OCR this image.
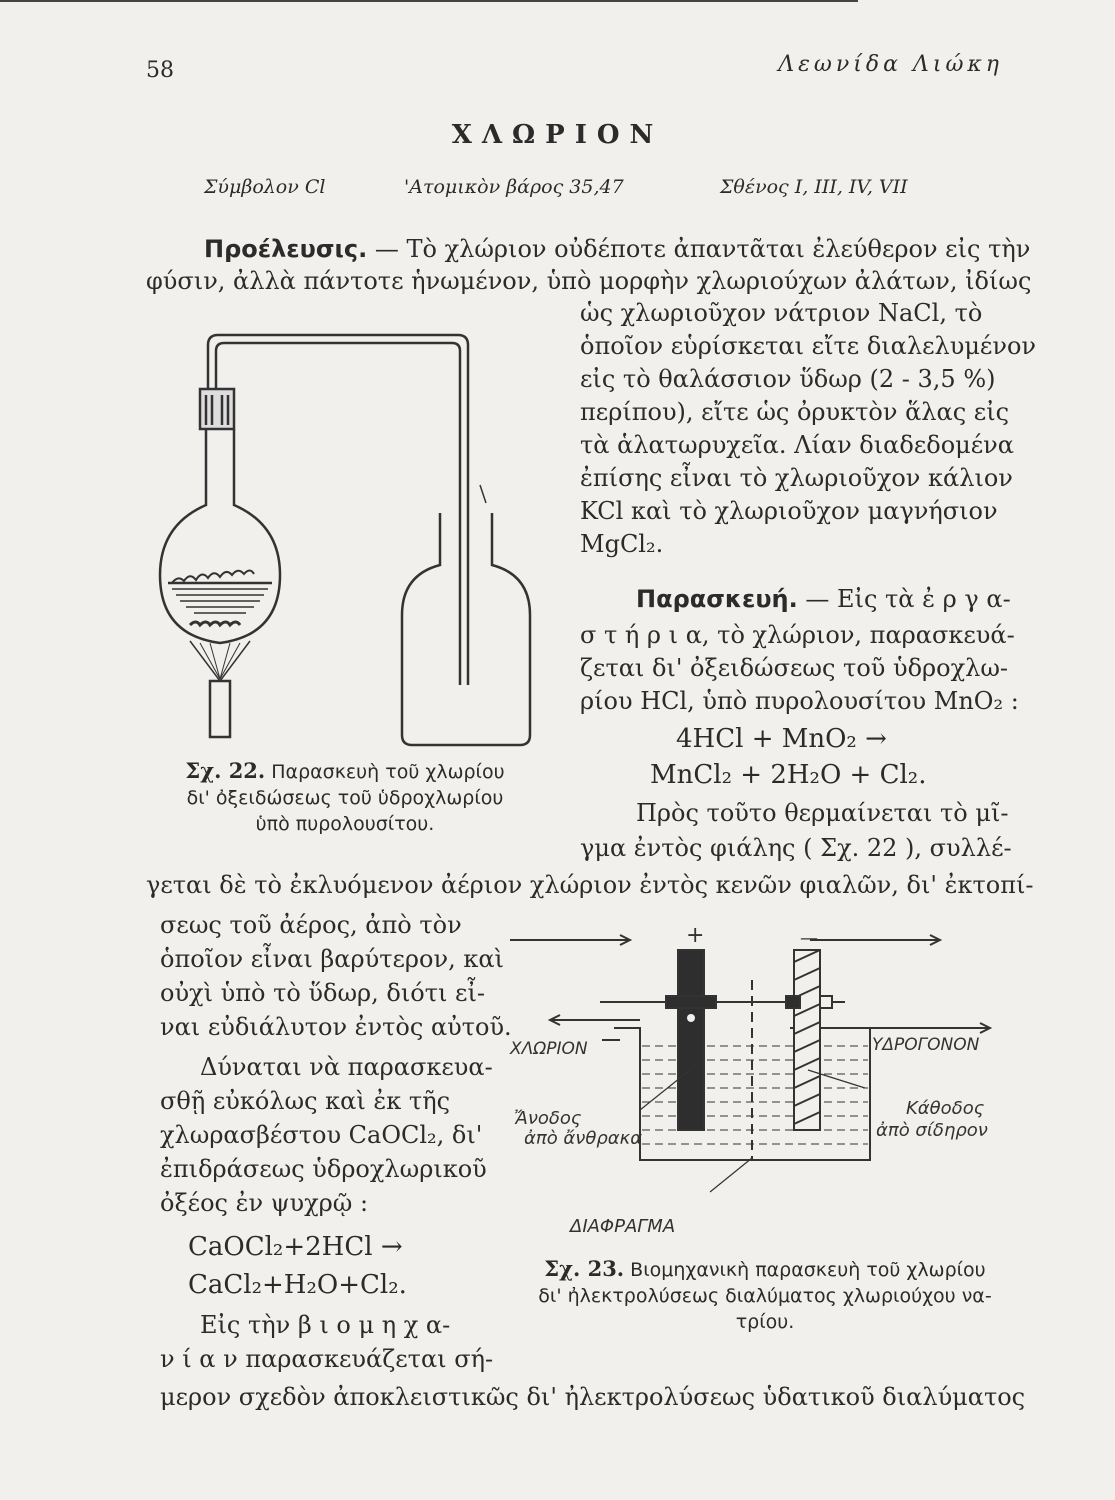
58	Λεωνίδα Λιώκη
ΧΛΩΡΙΟΝ
Σύμβολον Cl	'Ατομικὸν βάρος 35,47	Σθένος I, III, IV, VII
Προέλευσις. — Τὸ χλώριον οὐδέποτε ἀπαντᾶται ἐλεύθερον εἰς τὴν
φύσιν, ἀλλὰ πάντοτε ἡνωμένον, ὑπὸ μορφὴν χλωριούχων ἀλάτων, ἰδίως
ὡς χλωριοῦχον νάτριον NaCl, τὸ
ὁποῖον εὑρίσκεται εἴτε διαλελυμένον
εἰς τὸ θαλάσσιον ὕδωρ (2 - 3,5 %)
περίπου), εἴτε ὡς ὀρυκτὸν ἅλας εἰς
τὰ ἁλατωρυχεῖα. Λίαν διαδεδομένα
ἐπίσης εἶναι τὸ χλωριοῦχον κάλιον
KCl καὶ τὸ χλωριοῦχον μαγνήσιον
MgCl₂.
Σχ. 22. Παρασκευὴ τοῦ χλωρίου
δι' ὀξειδώσεως τοῦ ὑδροχλωρίου
ὑπὸ πυρολουσίτου.
Παρασκευή. — Εἰς τὰ ἐ ρ γ α-
σ τ ή ρ ι α, τὸ χλώριον, παρασκευά-
ζεται δι' ὀξειδώσεως τοῦ ὑδροχλω-
ρίου HCl, ὑπὸ πυρολουσίτου MnO₂ :
4HCl + MnO₂ →
MnCl₂ + 2H₂O + Cl₂.
Πρὸς τοῦτο θερμαίνεται τὸ μῖ-
γμα ἐντὸς φιάλης ( Σχ. 22 ), συλλέ-
γεται δὲ τὸ ἐκλυόμενον ἀέριον χλώριον ἐντὸς κενῶν φιαλῶν, δι' ἐκτοπί-
σεως τοῦ ἀέρος, ἀπὸ τὸν
ὁποῖον εἶναι βαρύτερον, καὶ
οὐχὶ ὑπὸ τὸ ὕδωρ, διότι εἶ-
ναι εὐδιάλυτον ἐντὸς αὐτοῦ.
Δύναται νὰ παρασκευα-
σθῇ εὐκόλως καὶ ἐκ τῆς
χλωρασβέστου CaOCl₂, δι'
ἐπιδράσεως ὑδροχλωρικοῦ
ὀξέος ἐν ψυχρῷ :
CaOCl₂+2HCl →
CaCl₂+H₂O+Cl₂.
Εἰς τὴν β ι ο μ η χ α-
ν ί α ν παρασκευάζεται σή-
μερον σχεδὸν ἀποκλειστικῶς δι' ἠλεκτρολύσεως ὑδατικοῦ διαλύματος
+	—
ΧΛΩΡΙΟΝ	ΥΔΡΟΓΟΝΟΝ
Ἄνοδος
ἀπὸ ἄνθρακα
Κάθοδος
ἀπὸ σίδηρον
ΔΙΑΦΡΑΓΜΑ
Σχ. 23. Βιομηχανικὴ παρασκευὴ τοῦ χλωρίου
δι' ἠλεκτρολύσεως διαλύματος χλωριούχου να-
τρίου.
